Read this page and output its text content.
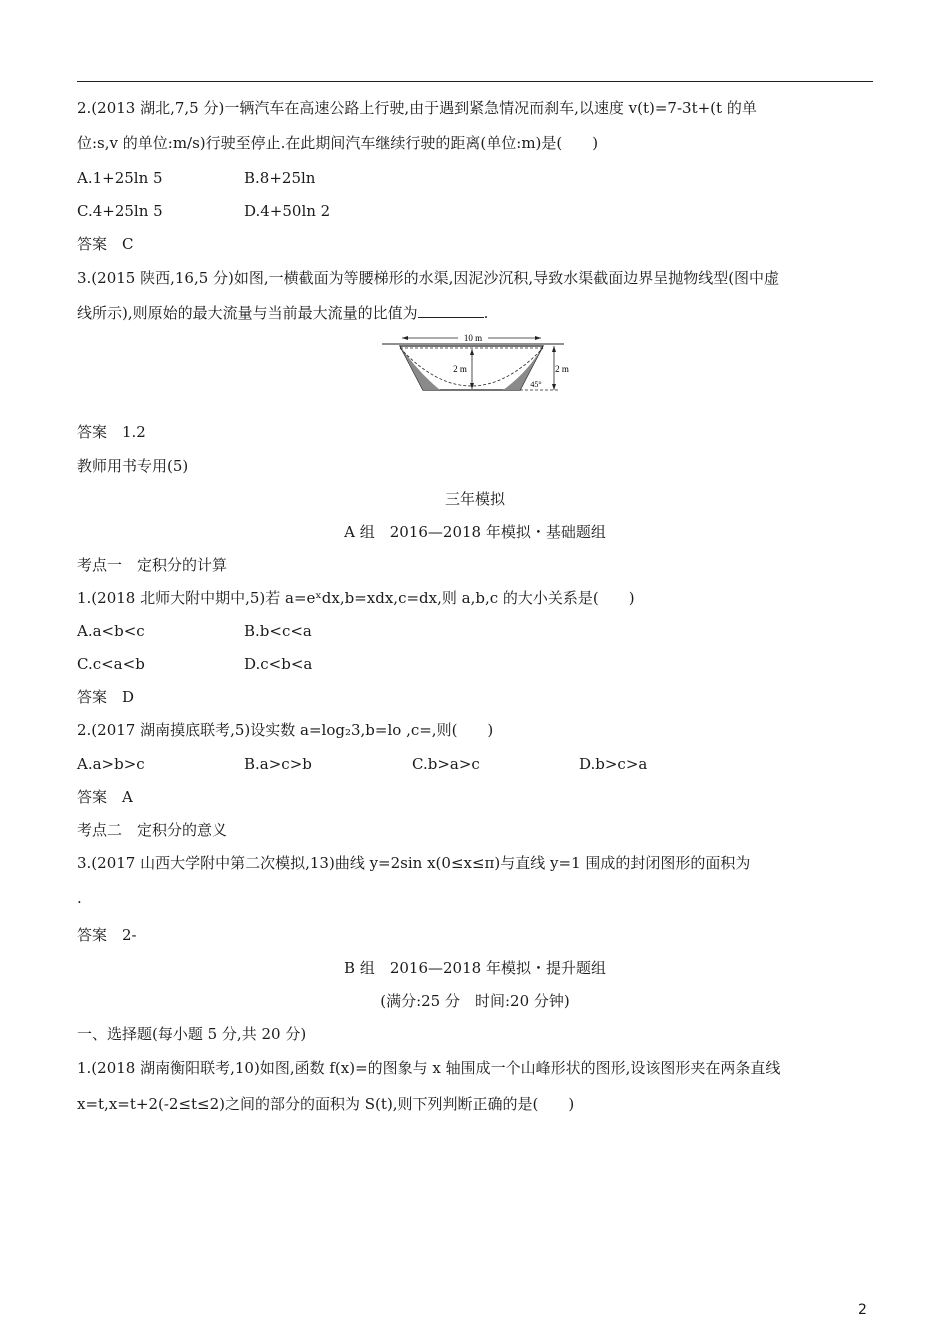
2.(2013 湖北,7,5 分)一辆汽车在高速公路上行驶,由于遇到紧急情况而刹车,以速度 v(t)=7-3t+(t 的单
位:s,v 的单位:m/s)行驶至停止.在此期间汽车继续行驶的距离(单位:m)是(　　)
A.1+25ln 5	B.8+25ln
C.4+25ln 5	D.4+50ln 2
答案　C
3.(2015 陕西,16,5 分)如图,一横截面为等腰梯形的水渠,因泥沙沉积,导致水渠截面边界呈抛物线型(图中虚
线所示),则原始的最大流量与当前最大流量的比值为	.
10 m
2 m	2 m
45°
答案　1.2
教师用书专用(5)
三年模拟
A 组　2016—2018 年模拟・基础题组
考点一　定积分的计算
1.(2018 北师大附中期中,5)若 a=eˣdx,b=xdx,c=dx,则 a,b,c 的大小关系是(　　)
A.a<b<c	B.b<c<a
C.c<a<b	D.c<b<a
答案　D
2.(2017 湖南摸底联考,5)设实数 a=log₂3,b=lo ,c=,则(　　)
A.a>b>c	B.a>c>b	C.b>a>c	D.b>c>a
答案　A
考点二　定积分的意义
3.(2017 山西大学附中第二次模拟,13)曲线 y=2sin x(0≤x≤π)与直线 y=1 围成的封闭图形的面积为
.
答案　2-
B 组　2016—2018 年模拟・提升题组
(满分:25 分　时间:20 分钟)
一、选择题(每小题 5 分,共 20 分)
1.(2018 湖南衡阳联考,10)如图,函数 f(x)=的图象与 x 轴围成一个山峰形状的图形,设该图形夹在两条直线
x=t,x=t+2(-2≤t≤2)之间的部分的面积为 S(t),则下列判断正确的是(　　)
2
